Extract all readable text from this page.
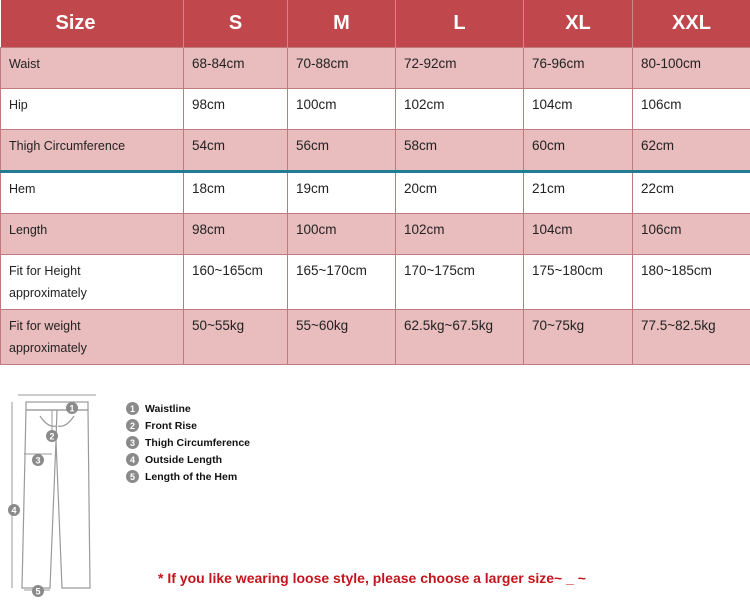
Size	S	M	L	XL	XXL
Waist	68-84cm	70-88cm	72-92cm	76-96cm	80-100cm
Hip	98cm	100cm	102cm	104cm	106cm
Thigh Circumference	54cm	56cm	58cm	60cm	62cm
Hem	18cm	19cm	20cm	21cm	22cm
Length	98cm	100cm	102cm	104cm	106cm
Fit for Height
approximately	160~165cm	165~170cm	170~175cm	175~180cm	180~185cm
Fit for weight
approximately	50~55kg	55~60kg	62.5kg~67.5kg	70~75kg	77.5~82.5kg
1
2
3
4
5
1 Waistline
2 Front Rise
3 Thigh Circumference
4 Outside Length
5 Length of the Hem

* If you like wearing loose style, please choose a larger size~ _ ~
